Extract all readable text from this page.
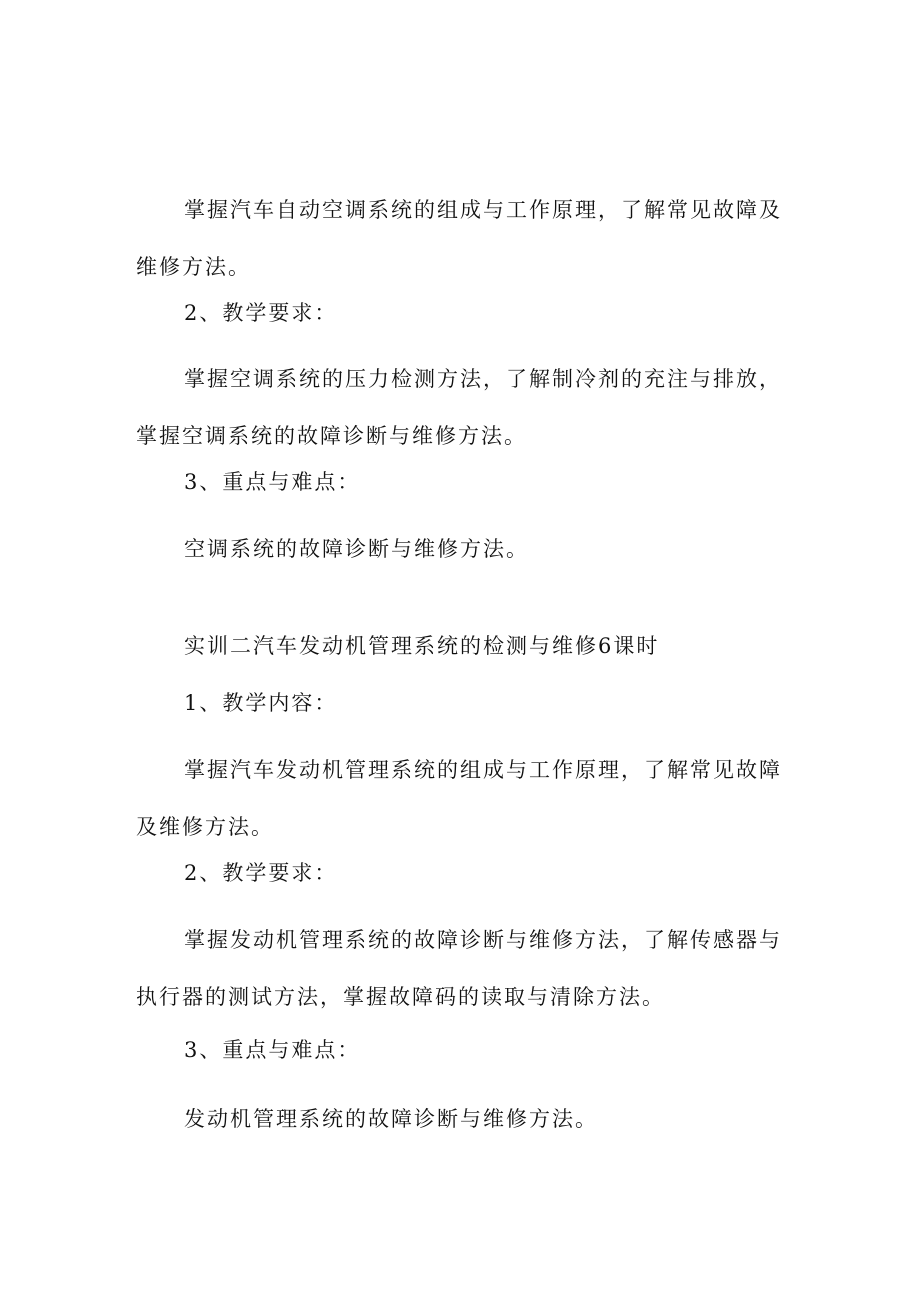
掌握汽车自动空调系统的组成与工作原理，了解常见故障及维修方法。

2、教学要求：

掌握空调系统的压力检测方法，了解制冷剂的充注与排放，掌握空调系统的故障诊断与维修方法。

3、重点与难点：

空调系统的故障诊断与维修方法。

实训二汽车发动机管理系统的检测与维修6课时

1、教学内容：

掌握汽车发动机管理系统的组成与工作原理，了解常见故障及维修方法。

2、教学要求：

掌握发动机管理系统的故障诊断与维修方法，了解传感器与执行器的测试方法，掌握故障码的读取与清除方法。

3、重点与难点：

发动机管理系统的故障诊断与维修方法。
